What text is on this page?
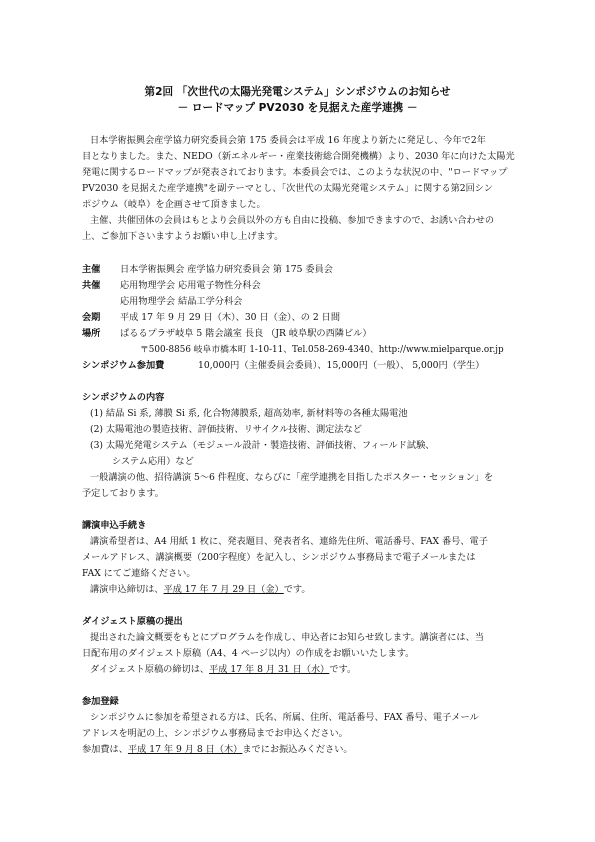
第2回 「次世代の太陽光発電システム」シンポジウムのお知らせ
－ ロードマップ PV2030 を見据えた産学連携 －
日本学術振興会産学協力研究委員会第 175 委員会は平成 16 年度より新たに発足し、今年で2年
目となりました。また、NEDO（新エネルギー・産業技術総合開発機構）より、2030 年に向けた太陽光
発電に関するロードマップが発表されております。本委員会では、このような状況の中、"ロードマップ
PV2030 を見据えた産学連携"を副テーマとし、「次世代の太陽光発電システム」に関する第2回シン
ポジウム（岐阜）を企画させて頂きました。
主催、共催団体の会員はもとより会員以外の方も自由に投稿、参加できますので、お誘い合わせの
上、ご参加下さいますようお願い申し上げます。
主催 日本学術振興会 産学協力研究委員会 第 175 委員会
共催 応用物理学会 応用電子物性分科会
応用物理学会 結晶工学分科会
会期 平成 17 年 9 月 29 日（木）、30 日（金）、の 2 日間
場所 ぱるるプラザ岐阜 5 階会議室 長良 （JR 岐阜駅の西隣ビル）
〒500-8856 岐阜市橋本町 1-10-11、Tel.058-269-4340、http://www.mielparque.or.jp
シンポジウム参加費	10,000円（主催委員会委員）、15,000円（一般）、 5,000円（学生）
シンポジウムの内容
(1) 結晶 Si 系, 薄膜 Si 系, 化合物薄膜系, 超高効率, 新材料等の各種太陽電池
(2) 太陽電池の製造技術、評価技術、リサイクル技術、測定法など
(3) 太陽光発電システム（モジュール設計・製造技術、評価技術、フィールド試験、
システム応用）など
一般講演の他、招待講演 5～6 件程度、ならびに「産学連携を目指したポスター・セッション」を
予定しております。
講演申込手続き
講演希望者は、A4 用紙 1 枚に、発表題目、発表者名、連絡先住所、電話番号、FAX 番号、電子
メールアドレス、講演概要（200字程度）を記入し、シンポジウム事務局まで電子メールまたは
FAX にてご連絡ください。
講演申込締切は、平成 17 年 7 月 29 日（金）です。
ダイジェスト原稿の提出
提出された論文概要をもとにプログラムを作成し、申込者にお知らせ致します。講演者には、当
日配布用のダイジェスト原稿（A4、4 ページ以内）の作成をお願いいたします。
ダイジェスト原稿の締切は、平成 17 年 8 月 31 日（水）です。
参加登録
シンポジウムに参加を希望される方は、氏名、所属、住所、電話番号、FAX 番号、電子メール
アドレスを明記の上、シンポジウム事務局までお申込ください。
参加費は、平成 17 年 9 月 8 日（木）までにお振込みください。
